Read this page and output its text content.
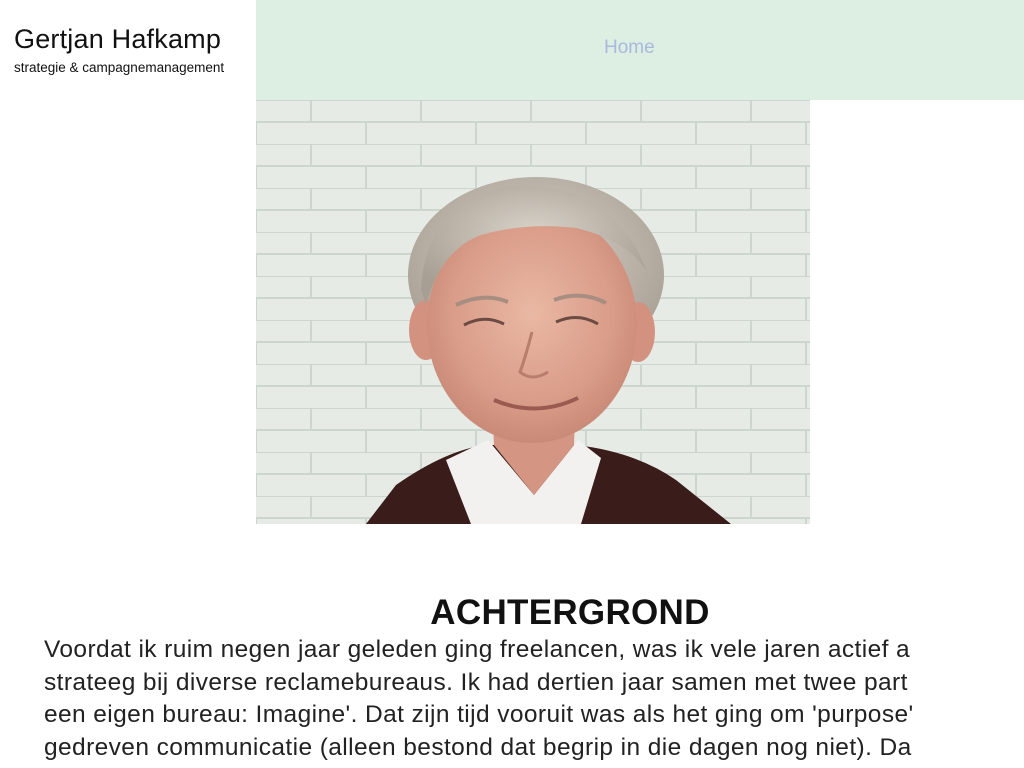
Gertjan Hafkamp
strategie & campagnemanagement
Home
ACHTERGROND
Voordat ik ruim negen jaar geleden ging freelancen, was ik vele jaren actief a
strateeg bij diverse reclamebureaus. Ik had dertien jaar samen met twee part
een eigen bureau: Imagine'. Dat zijn tijd vooruit was als het ging om 'purpose'
gedreven communicatie (alleen bestond dat begrip in die dagen nog niet). Da
